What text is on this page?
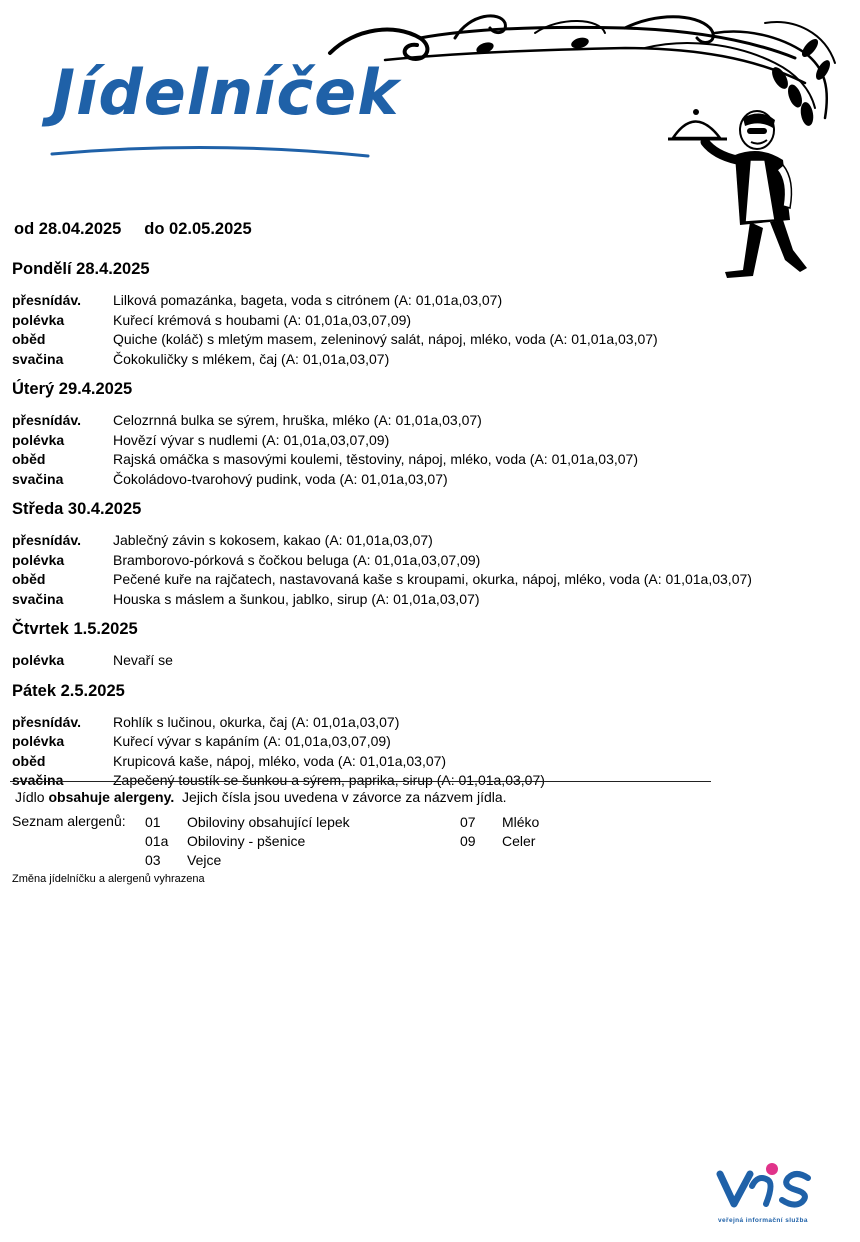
Jídelníček
od 28.04.2025 do 02.05.2025
Pondělí 28.4.2025
přesnídáv.	Lilková pomazánka, bageta, voda s citrónem (A: 01,01a,03,07)
polévka	Kuřecí krémová s houbami (A: 01,01a,03,07,09)
oběd	Quiche (koláč) s mletým masem, zeleninový salát, nápoj, mléko, voda (A: 01,01a,03,07)
svačina	Čokokuličky s mlékem, čaj (A: 01,01a,03,07)
Úterý 29.4.2025
přesnídáv.	Celozrnná bulka se sýrem, hruška, mléko (A: 01,01a,03,07)
polévka	Hovězí vývar s nudlemi (A: 01,01a,03,07,09)
oběd	Rajská omáčka s masovými koulemi, těstoviny, nápoj, mléko, voda (A: 01,01a,03,07)
svačina	Čokoládovo-tvarohový pudink, voda (A: 01,01a,03,07)
Středa 30.4.2025
přesnídáv.	Jablečný závin s kokosem, kakao (A: 01,01a,03,07)
polévka	Bramborovo-pórková s čočkou beluga (A: 01,01a,03,07,09)
oběd	Pečené kuře na rajčatech, nastavovaná kaše s kroupami, okurka, nápoj, mléko, voda (A: 01,01a,03,07)
svačina	Houska s máslem a šunkou, jablko, sirup (A: 01,01a,03,07)
Čtvrtek 1.5.2025
polévka	Nevaří se
Pátek 2.5.2025
přesnídáv.	Rohlík s lučinou, okurka, čaj (A: 01,01a,03,07)
polévka	Kuřecí vývar s kapáním (A: 01,01a,03,07,09)
oběd	Krupicová kaše, nápoj, mléko, voda (A: 01,01a,03,07)
svačina	Zapečený toustík se šunkou a sýrem, paprika, sirup (A: 01,01a,03,07)
Jídlo obsahuje alergeny.  Jejich čísla jsou uvedena v závorce za názvem jídla.
Seznam alergenů: 01 Obiloviny obsahující lepek
01a Obiloviny - pšenice
03 Vejce
07 Mléko
09 Celer
Změna jídelníčku a alergenů vyhrazena
veřejná informační služba
